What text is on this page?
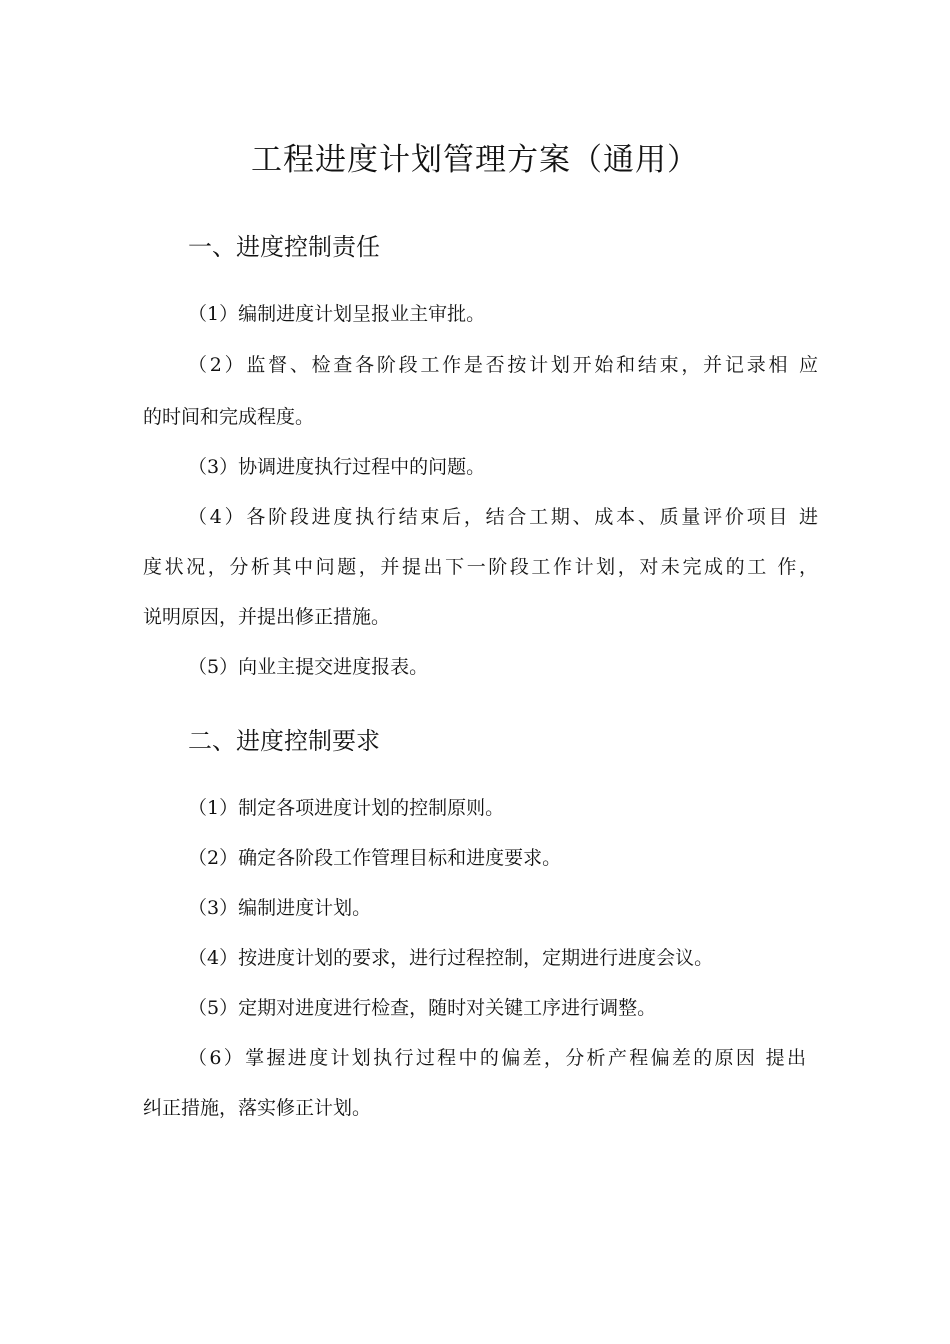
工程进度计划管理方案（通用）
一、进度控制责任
（1）编制进度计划呈报业主审批。
（2）监督、检查各阶段工作是否按计划开始和结束，并记录相 应
的时间和完成程度。
（3）协调进度执行过程中的问题。
（4）各阶段进度执行结束后，结合工期、成本、质量评价项目 进
度状况，分析其中问题，并提出下一阶段工作计划，对未完成的工 作，
说明原因，并提出修正措施。
（5）向业主提交进度报表。
二、进度控制要求
（1）制定各项进度计划的控制原则。
（2）确定各阶段工作管理目标和进度要求。
（3）编制进度计划。
（4）按进度计划的要求，进行过程控制，定期进行进度会议。
（5）定期对进度进行检查，随时对关键工序进行调整。
（6）掌握进度计划执行过程中的偏差，分析产程偏差的原因 提出
纠正措施，落实修正计划。
